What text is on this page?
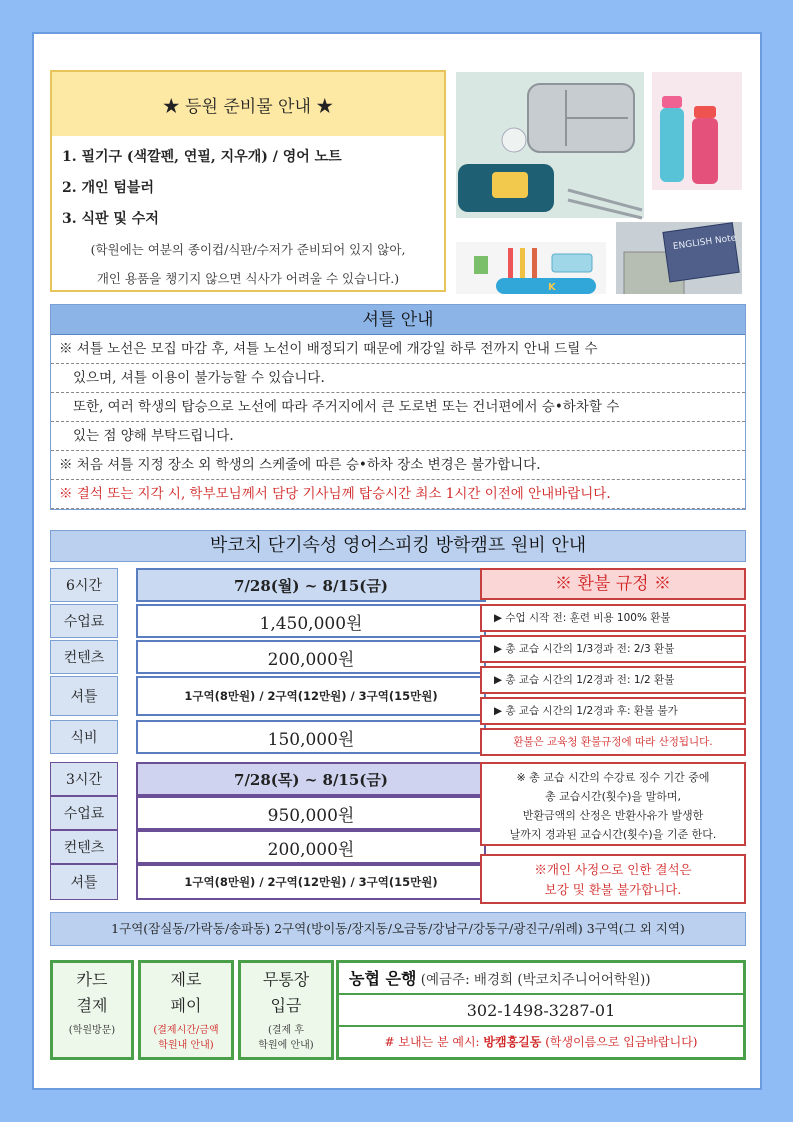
★ 등원 준비물 안내 ★
1. 필기구 (색깔펜, 연필, 지우개) / 영어 노트
2. 개인 텀블러
3. 식판 및 수저
(학원에는 여분의 종이컵/식판/수저가 준비되어 있지 않아,
개인 용품을 챙기지 않으면 식사가 어려울 수 있습니다.)
ENGLISH Note
K
셔틀 안내
※ 셔틀 노선은 모집 마감 후, 셔틀 노선이 배정되기 때문에 개강일 하루 전까지 안내 드릴 수
있으며, 셔틀 이용이 불가능할 수 있습니다.
또한, 여러 학생의 탑승으로 노선에 따라 주거지에서 큰 도로변 또는 건너편에서 승•하차할 수
있는 점 양해 부탁드립니다.
※ 처음 셔틀 지정 장소 외 학생의 스케줄에 따른 승•하차 장소 변경은 불가합니다.
※ 결석 또는 지각 시, 학부모님께서 담당 기사님께 탑승시간 최소 1시간 이전에 안내바랍니다.
박코치 단기속성 영어스피킹 방학캠프 원비 안내
6시간	7/28(월) ~ 8/15(금)
수업료	1,450,000원
컨텐츠	200,000원
셔틀	1구역(8만원) / 2구역(12만원) / 3구역(15만원)
식비	150,000원
3시간	7/28(목) ~ 8/15(금)
수업료	950,000원
컨텐츠	200,000원
셔틀	1구역(8만원) / 2구역(12만원) / 3구역(15만원)
※ 환불 규정 ※
▶ 수업 시작 전: 훈련 비용 100% 환불
▶ 총 교습 시간의 1/3경과 전: 2/3 환불
▶ 총 교습 시간의 1/2경과 전: 1/2 환불
▶ 총 교습 시간의 1/2경과 후: 환불 불가
환불은 교육청 환불규정에 따라 산정됩니다.
※ 총 교습 시간의 수강료 징수 기간 중에
총 교습시간(횟수)을 말하며,
반환금액의 산정은 반환사유가 발생한
날까지 경과된 교습시간(횟수)을 기준 한다.
※개인 사정으로 인한 결석은
보강 및 환불 불가합니다.
1구역(잠실동/가락동/송파동) 2구역(방이동/장지동/오금동/강남구/강동구/광진구/위례) 3구역(그 외 지역)
카드
결제
(학원방문)
제로
페이
(결제시간/금액
학원내 안내)
무통장
입금
(결제 후
학원에 안내)
농협 은행 (예금주: 배경희 (박코치주니어어학원))
302-1498-3287-01
# 보내는 분 예시: 방캠홍길동 (학생이름으로 입금바랍니다)
